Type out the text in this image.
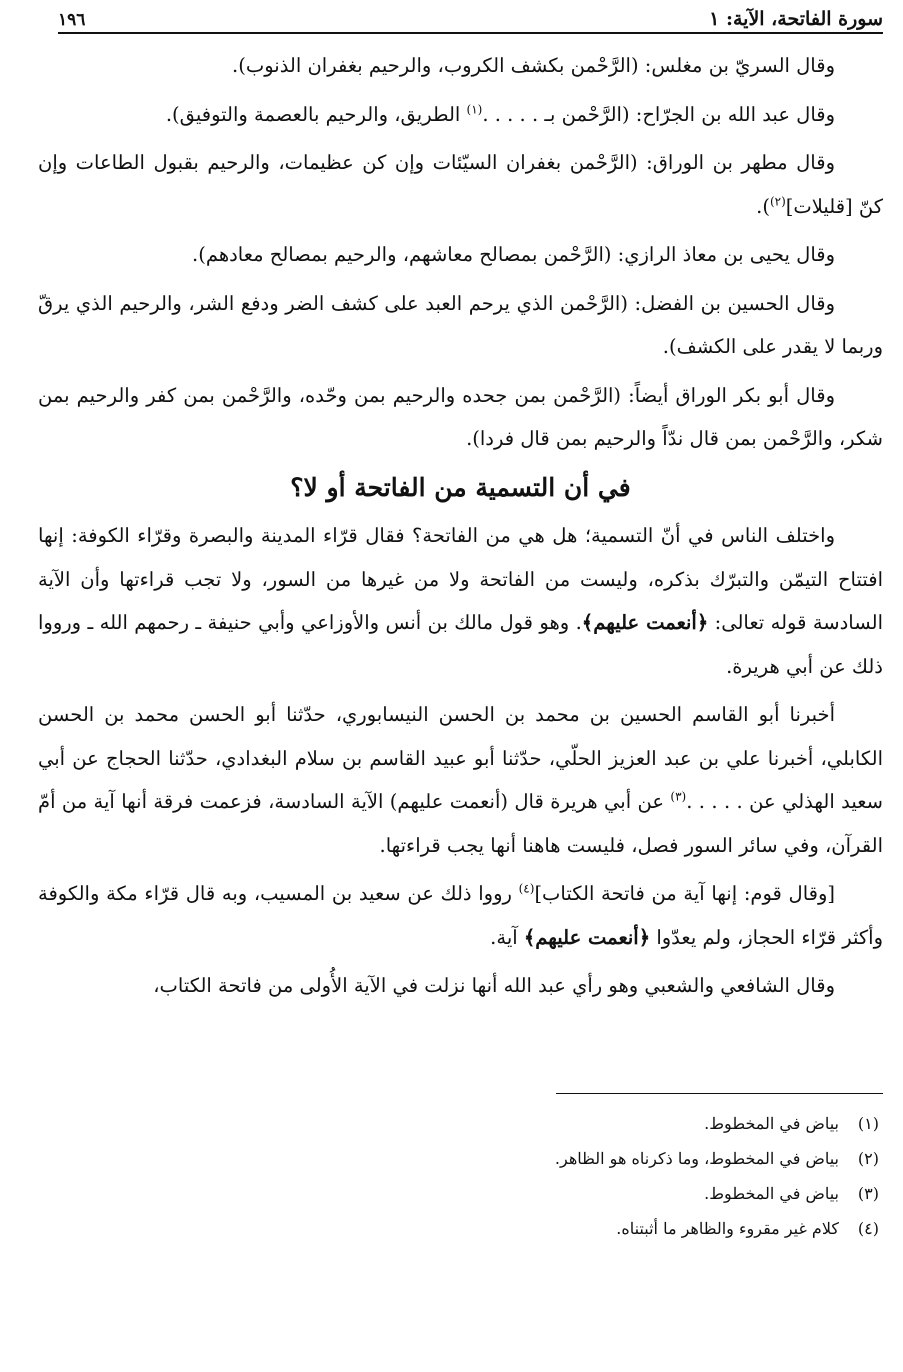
سورة الفاتحة، الآية: ١
١٩٦

وقال السريّ بن مغلس: (الرَّحْمن بكشف الكروب، والرحيم بغفران الذنوب).

وقال عبد الله بن الجرّاح: (الرَّحْمن بـ . . . . .$^{(١)}$ الطريق، والرحيم بالعصمة والتوفيق).

وقال مطهر بن الوراق: (الرَّحْمن بغفران السيّئات وإن كن عظيمات، والرحيم بقبول الطاعات وإن كنّ [قليلات]$^{(٢)}$).

وقال يحيى بن معاذ الرازي: (الرَّحْمن بمصالح معاشهم، والرحيم بمصالح معادهم).

وقال الحسين بن الفضل: (الرَّحْمن الذي يرحم العبد على كشف الضر ودفع الشر، والرحيم الذي يرقّ وربما لا يقدر على الكشف).

وقال أبو بكر الوراق أيضاً: (الرَّحْمن بمن جحده والرحيم بمن وحّده، والرَّحْمن بمن كفر والرحيم بمن شكر، والرَّحْمن بمن قال ندّاً والرحيم بمن قال فردا).

في أن التسمية من الفاتحة أو لا؟

واختلف الناس في أنّ التسمية؛ هل هي من الفاتحة؟ فقال قرّاء المدينة والبصرة وقرّاء الكوفة: إنها افتتاح التيمّن والتبرّك بذكره، وليست من الفاتحة ولا من غيرها من السور، ولا تجب قراءتها وأن الآية السادسة قوله تعالى: ﴿أنعمت عليهم﴾. وهو قول مالك بن أنس والأوزاعي وأبي حنيفة ـ رحمهم الله ـ ورووا ذلك عن أبي هريرة.

أخبرنا أبو القاسم الحسين بن محمد بن الحسن النيسابوري، حدّثنا أبو الحسن محمد بن الحسن الكابلي، أخبرنا علي بن عبد العزيز الحلّي، حدّثنا أبو عبيد القاسم بن سلام البغدادي، حدّثنا الحجاج عن أبي سعيد الهذلي عن . . . . .$^{(٣)}$ عن أبي هريرة قال (أنعمت عليهم) الآية السادسة، فزعمت فرقة أنها آية من أمّ القرآن، وفي سائر السور فصل، فليست هاهنا أنها يجب قراءتها.

[وقال قوم: إنها آية من فاتحة الكتاب]$^{(٤)}$ رووا ذلك عن سعيد بن المسيب، وبه قال قرّاء مكة والكوفة وأكثر قرّاء الحجاز، ولم يعدّوا ﴿أنعمت عليهم﴾ آية.

وقال الشافعي والشعبي وهو رأي عبد الله أنها نزلت في الآية الأُولى من فاتحة الكتاب،

(١)
بياض في المخطوط.
(٢)
بياض في المخطوط، وما ذكرناه هو الظاهر.
(٣)
بياض في المخطوط.
(٤)
كلام غير مقروء والظاهر ما أثبتناه.
